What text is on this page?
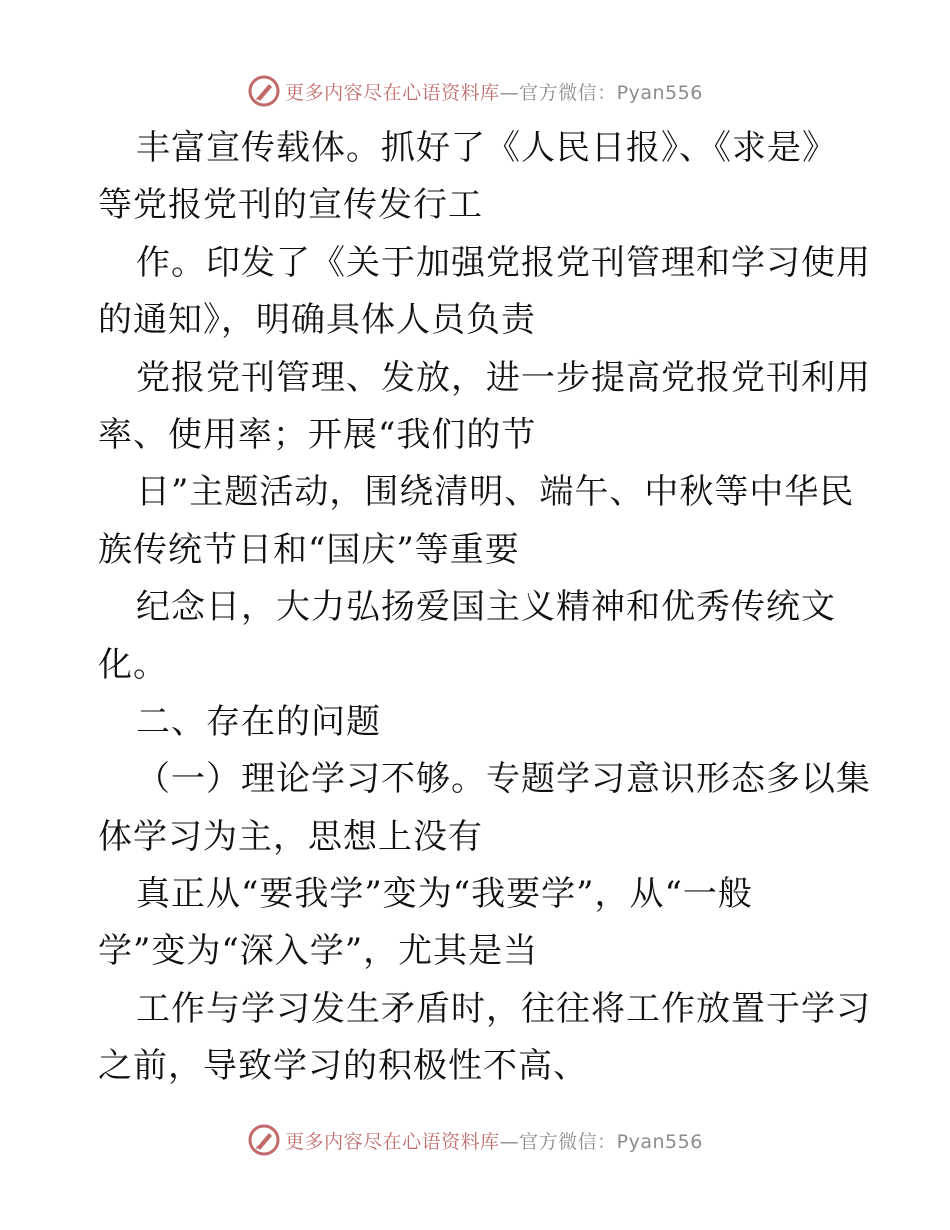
更多内容尽在心语资料库—官方微信：Pyan556
丰富宣传载体。抓好了《人民日报》、《求是》
等党报党刊的宣传发行工
作。印发了《关于加强党报党刊管理和学习使用
的通知》，明确具体人员负责
党报党刊管理、发放，进一步提高党报党刊利用
率、使用率；开展“我们的节
日”主题活动，围绕清明、端午、中秋等中华民
族传统节日和“国庆”等重要
纪念日，大力弘扬爱国主义精神和优秀传统文
化。
二、存在的问题
（一）理论学习不够。专题学习意识形态多以集
体学习为主，思想上没有
真正从“要我学”变为“我要学”，从“一般
学”变为“深入学”，尤其是当
工作与学习发生矛盾时，往往将工作放置于学习
之前，导致学习的积极性不高、
更多内容尽在心语资料库—官方微信：Pyan556
